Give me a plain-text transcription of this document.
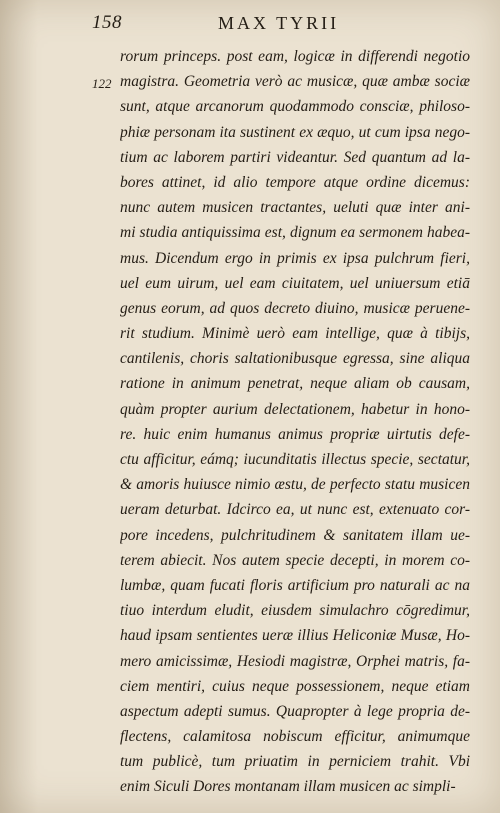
158	MAX TYRII
122
rorum princeps. post eam, logicæ in differendi negotio
magistra. Geometria verò ac musicæ, quæ ambæ sociæ
sunt, atque arcanorum quodammodo consciæ, philoso-
phiæ personam ita sustinent ex æquo, ut cum ipsa nego-
tium ac laborem partiri videantur. Sed quantum ad la-
bores attinet, id alio tempore atque ordine dicemus:
nunc autem musicen tractantes, ueluti quæ inter ani-
mi studia antiquissima est, dignum ea sermonem habea-
mus. Dicendum ergo in primis ex ipsa pulchrum fieri,
uel eum uirum, uel eam ciuitatem, uel uniuersum etiā
genus eorum, ad quos decreto diuino, musicæ peruene-
rit studium. Minimè uerò eam intellige, quæ à tibijs,
cantilenis, choris saltationibusque egressa, sine aliqua
ratione in animum penetrat, neque aliam ob causam,
quàm propter aurium delectationem, habetur in hono-
re. huic enim humanus animus propriæ uirtutis defe-
ctu afficitur, eámq; iucunditatis illectus specie, sectatur,
& amoris huiusce nimio æstu, de perfecto statu musicen
ueram deturbat. Idcirco ea, ut nunc est, extenuato cor-
pore incedens, pulchritudinem & sanitatem illam ue-
terem abiecit. Nos autem specie decepti, in morem co-
lumbæ, quam fucati floris artificium pro naturali ac na
tiuo interdum eludit, eiusdem simulachro cōgredimur,
haud ipsam sentientes ueræ illius Heliconiæ Musæ, Ho-
mero amicissimæ, Hesiodi magistræ, Orphei matris, fa-
ciem mentiri, cuius neque possessionem, neque etiam
aspectum adepti sumus. Quapropter à lege propria de-
flectens, calamitosa nobiscum efficitur, animumque
tum publicè, tum priuatim in perniciem trahit. Vbi
enim Siculi Dores montanam illam musicen ac simpli-
